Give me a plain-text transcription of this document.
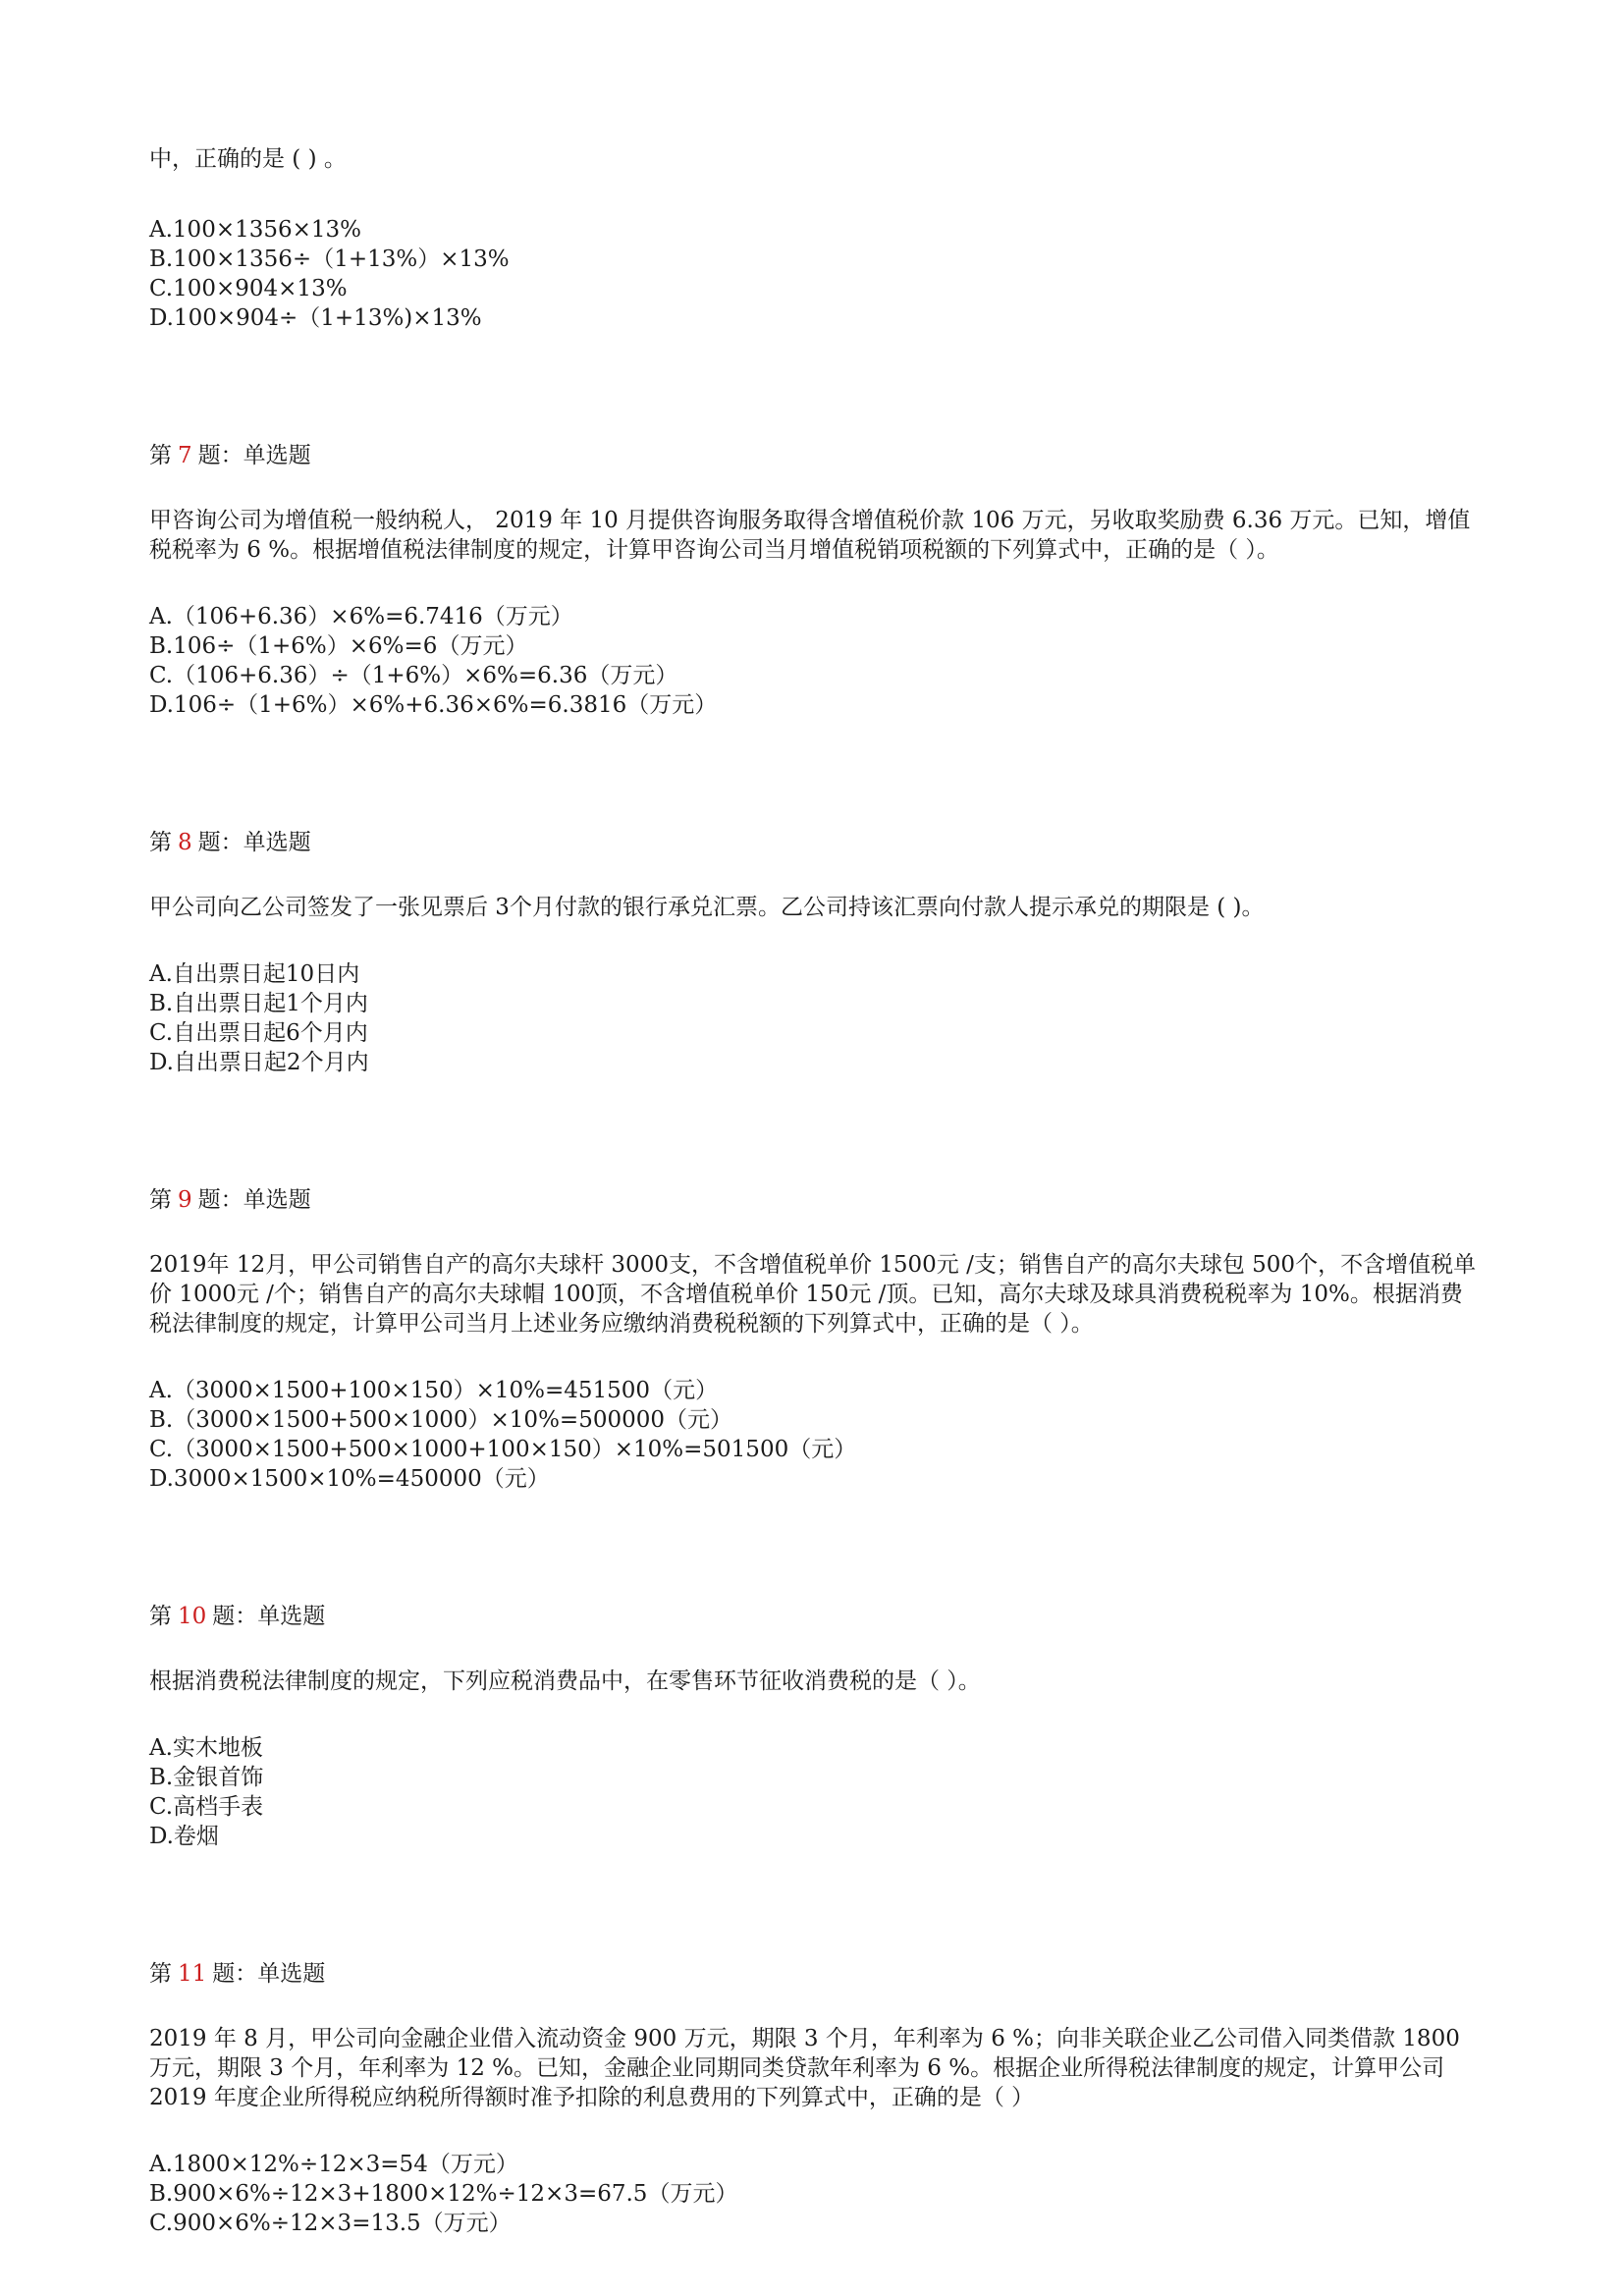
中，正确的是 ( ) 。

A.100×1356×13%

B.100×1356÷（1+13%）×13%

C.100×904×13%

D.100×904÷（1+13%)×13%

第 7 题：单选题

甲咨询公司为增值税一般纳税人， 2019 年 10 月提供咨询服务取得含增值税价款 106 万元，另收取奖励费 6.36 万元。已知，增值税税率为 6 %。根据增值税法律制度的规定，计算甲咨询公司当月增值税销项税额的下列算式中，正确的是（ ）。

A.（106+6.36）×6%=6.7416（万元）

B.106÷（1+6%）×6%=6（万元）

C.（106+6.36）÷（1+6%）×6%=6.36（万元）

D.106÷（1+6%）×6%+6.36×6%=6.3816（万元）

第 8 题：单选题

甲公司向乙公司签发了一张见票后 3个月付款的银行承兑汇票。乙公司持该汇票向付款人提示承兑的期限是 ( )。

A.自出票日起10日内

B.自出票日起1个月内

C.自出票日起6个月内

D.自出票日起2个月内

第 9 题：单选题

2019年 12月，甲公司销售自产的高尔夫球杆 3000支，不含增值税单价 1500元 /支；销售自产的高尔夫球包 500个，不含增值税单价 1000元 /个；销售自产的高尔夫球帽 100顶，不含增值税单价 150元 /顶。已知，高尔夫球及球具消费税税率为 10%。根据消费税法律制度的规定，计算甲公司当月上述业务应缴纳消费税税额的下列算式中，正确的是（ ）。

A.（3000×1500+100×150）×10%=451500（元）

B.（3000×1500+500×1000）×10%=500000（元）

C.（3000×1500+500×1000+100×150）×10%=501500（元）

D.3000×1500×10%=450000（元）

第 10 题：单选题

根据消费税法律制度的规定，下列应税消费品中，在零售环节征收消费税的是（ ）。

A.实木地板

B.金银首饰

C.高档手表

D.卷烟

第 11 题：单选题

2019 年 8 月，甲公司向金融企业借入流动资金 900 万元，期限 3 个月，年利率为 6 %；向非关联企业乙公司借入同类借款 1800 万元，期限 3 个月，年利率为 12 %。已知，金融企业同期同类贷款年利率为 6 %。根据企业所得税法律制度的规定，计算甲公司 2019 年度企业所得税应纳税所得额时准予扣除的利息费用的下列算式中，正确的是（ ）

A.1800×12%÷12×3=54（万元）

B.900×6%÷12×3+1800×12%÷12×3=67.5（万元）

C.900×6%÷12×3=13.5（万元）
